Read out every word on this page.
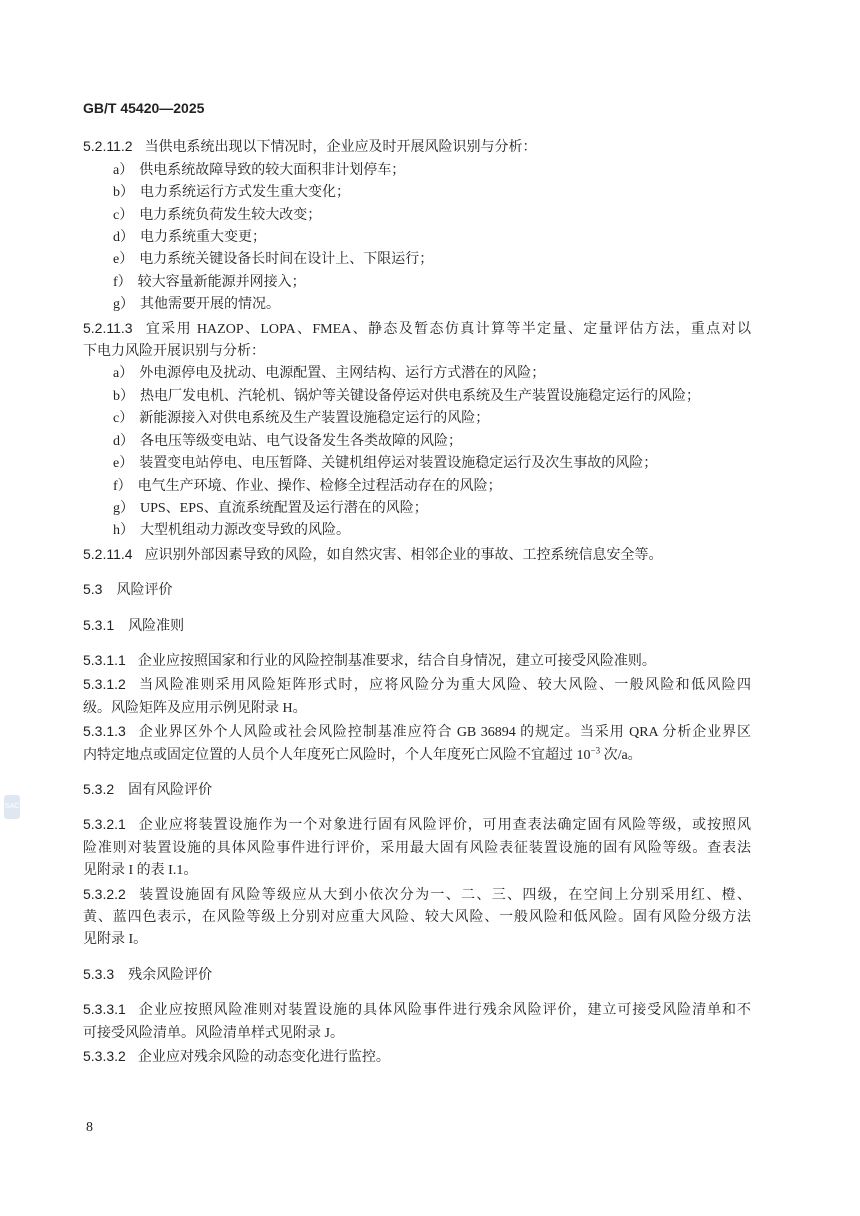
SAC
GB/T 45420—2025
5.2.11.2 当供电系统出现以下情况时，企业应及时开展风险识别与分析：
a） 供电系统故障导致的较大面积非计划停车；
b） 电力系统运行方式发生重大变化；
c） 电力系统负荷发生较大改变；
d） 电力系统重大变更；
e） 电力系统关键设备长时间在设计上、下限运行；
f） 较大容量新能源并网接入；
g） 其他需要开展的情况。
5.2.11.3 宜采用 HAZOP、LOPA、FMEA、静态及暂态仿真计算等半定量、定量评估方法，重点对以
下电力风险开展识别与分析：
a） 外电源停电及扰动、电源配置、主网结构、运行方式潜在的风险；
b） 热电厂发电机、汽轮机、锅炉等关键设备停运对供电系统及生产装置设施稳定运行的风险；
c） 新能源接入对供电系统及生产装置设施稳定运行的风险；
d） 各电压等级变电站、电气设备发生各类故障的风险；
e） 装置变电站停电、电压暂降、关键机组停运对装置设施稳定运行及次生事故的风险；
f） 电气生产环境、作业、操作、检修全过程活动存在的风险；
g） UPS、EPS、直流系统配置及运行潜在的风险；
h） 大型机组动力源改变导致的风险。
5.2.11.4 应识别外部因素导致的风险，如自然灾害、相邻企业的事故、工控系统信息安全等。
5.3 风险评价
5.3.1 风险准则
5.3.1.1 企业应按照国家和行业的风险控制基准要求，结合自身情况，建立可接受风险准则。
5.3.1.2 当风险准则采用风险矩阵形式时，应将风险分为重大风险、较大风险、一般风险和低风险四
级。风险矩阵及应用示例见附录 H。
5.3.1.3 企业界区外个人风险或社会风险控制基准应符合 GB 36894 的规定。当采用 QRA 分析企业界区
内特定地点或固定位置的人员个人年度死亡风险时，个人年度死亡风险不宜超过 $10^{-3}$ 次/a。
5.3.2 固有风险评价
5.3.2.1 企业应将装置设施作为一个对象进行固有风险评价，可用查表法确定固有风险等级，或按照风
险准则对装置设施的具体风险事件进行评价，采用最大固有风险表征装置设施的固有风险等级。查表法
见附录 I 的表 I.1。
5.3.2.2 装置设施固有风险等级应从大到小依次分为一、二、三、四级，在空间上分别采用红、橙、
黄、蓝四色表示，在风险等级上分别对应重大风险、较大风险、一般风险和低风险。固有风险分级方法
见附录 I。
5.3.3 残余风险评价
5.3.3.1 企业应按照风险准则对装置设施的具体风险事件进行残余风险评价，建立可接受风险清单和不
可接受风险清单。风险清单样式见附录 J。
5.3.3.2 企业应对残余风险的动态变化进行监控。
8
